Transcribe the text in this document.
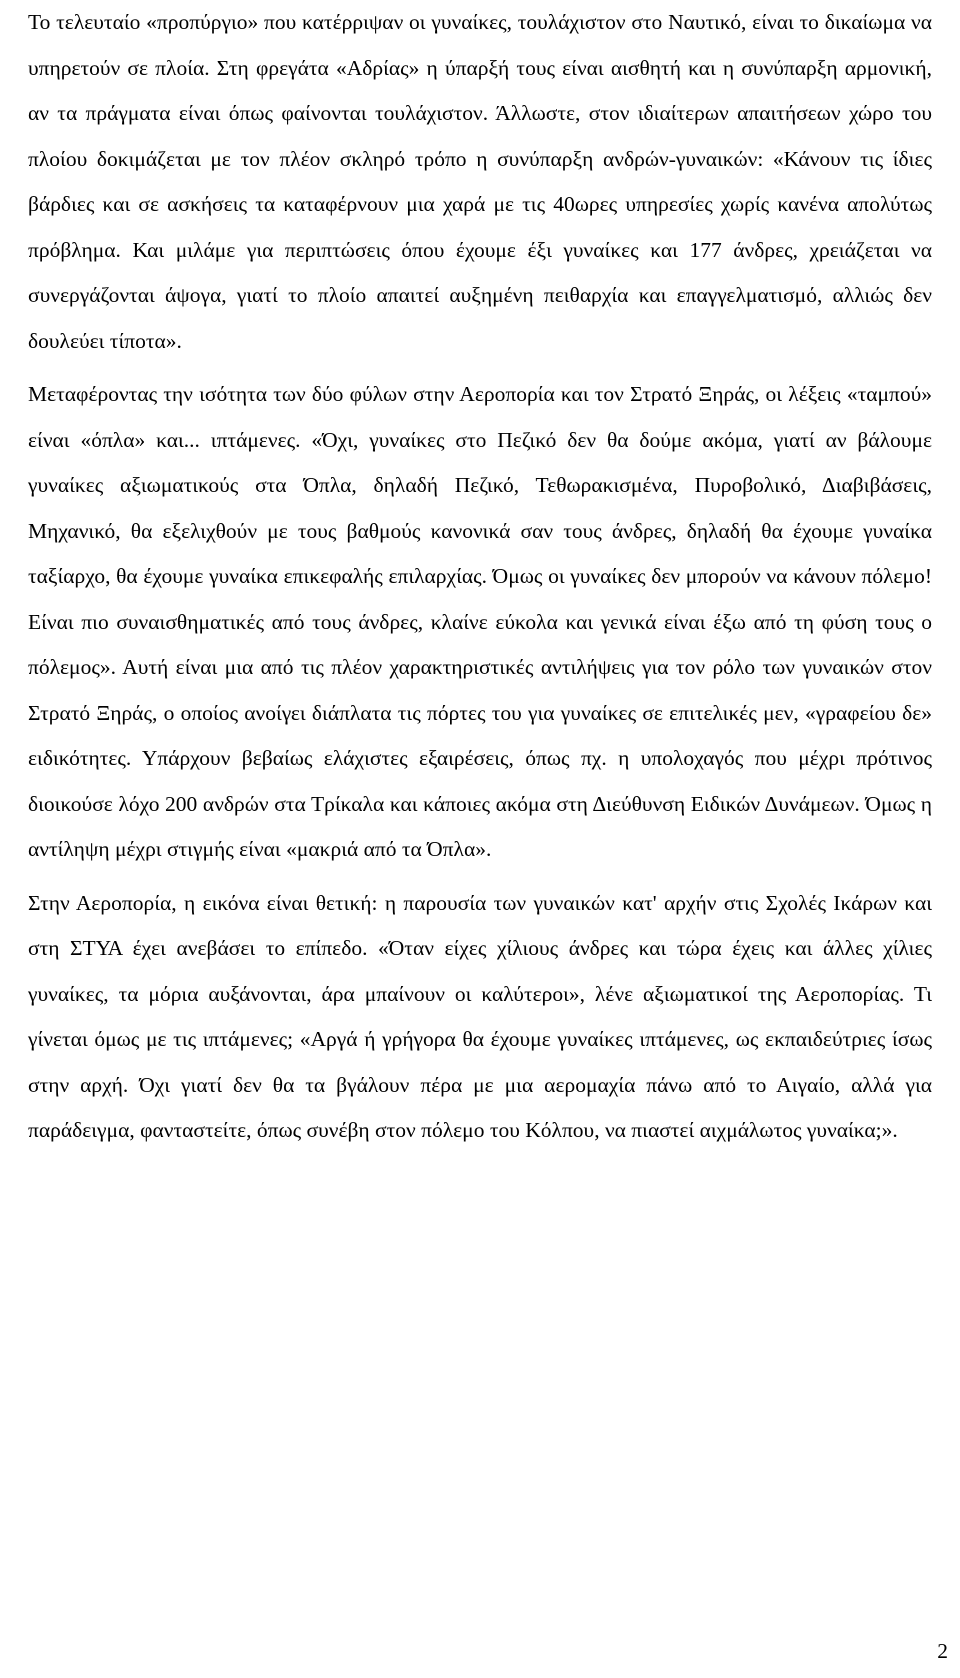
Το τελευταίο «προπύργιο» που κατέρριψαν οι γυναίκες, τουλάχιστον στο Ναυτικό, είναι το δικαίωμα να υπηρετούν σε πλοία. Στη φρεγάτα «Αδρίας» η ύπαρξή τους είναι αισθητή και η συνύπαρξη αρμονική, αν τα πράγματα είναι όπως φαίνονται τουλάχιστον. Άλλωστε, στον ιδιαίτερων απαιτήσεων χώρο του πλοίου δοκιμάζεται με τον πλέον σκληρό τρόπο η συνύπαρξη ανδρών-γυναικών: «Κάνουν τις ίδιες βάρδιες και σε ασκήσεις τα καταφέρνουν μια χαρά με τις 40ωρες υπηρεσίες χωρίς κανένα απολύτως πρόβλημα. Και μιλάμε για περιπτώσεις όπου έχουμε έξι γυναίκες και 177 άνδρες, χρειάζεται να συνεργάζονται άψογα, γιατί το πλοίο απαιτεί αυξημένη πειθαρχία και επαγγελματισμό, αλλιώς δεν δουλεύει τίποτα».

Μεταφέροντας την ισότητα των δύο φύλων στην Αεροπορία και τον Στρατό Ξηράς, οι λέξεις «ταμπού» είναι «όπλα» και... ιπτάμενες. «Όχι, γυναίκες στο Πεζικό δεν θα δούμε ακόμα, γιατί αν βάλουμε γυναίκες αξιωματικούς στα Όπλα, δηλαδή Πεζικό, Τεθωρακισμένα, Πυροβολικό, Διαβιβάσεις, Μηχανικό, θα εξελιχθούν με τους βαθμούς κανονικά σαν τους άνδρες, δηλαδή θα έχουμε γυναίκα ταξίαρχο, θα έχουμε γυναίκα επικεφαλής επιλαρχίας. Όμως οι γυναίκες δεν μπορούν να κάνουν πόλεμο! Είναι πιο συναισθηματικές από τους άνδρες, κλαίνε εύκολα και γενικά είναι έξω από τη φύση τους ο πόλεμος». Αυτή είναι μια από τις πλέον χαρακτηριστικές αντιλήψεις για τον ρόλο των γυναικών στον Στρατό Ξηράς, ο οποίος ανοίγει διάπλατα τις πόρτες του για γυναίκες σε επιτελικές μεν, «γραφείου δε» ειδικότητες. Υπάρχουν βεβαίως ελάχιστες εξαιρέσεις, όπως πχ. η υπολοχαγός που μέχρι πρότινος διοικούσε λόχο 200 ανδρών στα Τρίκαλα και κάποιες ακόμα στη Διεύθυνση Ειδικών Δυνάμεων. Όμως η αντίληψη μέχρι στιγμής είναι «μακριά από τα Όπλα».

Στην Αεροπορία, η εικόνα είναι θετική: η παρουσία των γυναικών κατ' αρχήν στις Σχολές Ικάρων και στη ΣΤΥΑ έχει ανεβάσει το επίπεδο. «Όταν είχες χίλιους άνδρες και τώρα έχεις και άλλες χίλιες γυναίκες, τα μόρια αυξάνονται, άρα μπαίνουν οι καλύτεροι», λένε αξιωματικοί της Αεροπορίας. Τι γίνεται όμως με τις ιπτάμενες; «Αργά ή γρήγορα θα έχουμε γυναίκες ιπτάμενες, ως εκπαιδεύτριες ίσως στην αρχή. Όχι γιατί δεν θα τα βγάλουν πέρα με μια αερομαχία πάνω από το Αιγαίο, αλλά για παράδειγμα, φανταστείτε, όπως συνέβη στον πόλεμο του Κόλπου, να πιαστεί αιχμάλωτος γυναίκα;».

2
